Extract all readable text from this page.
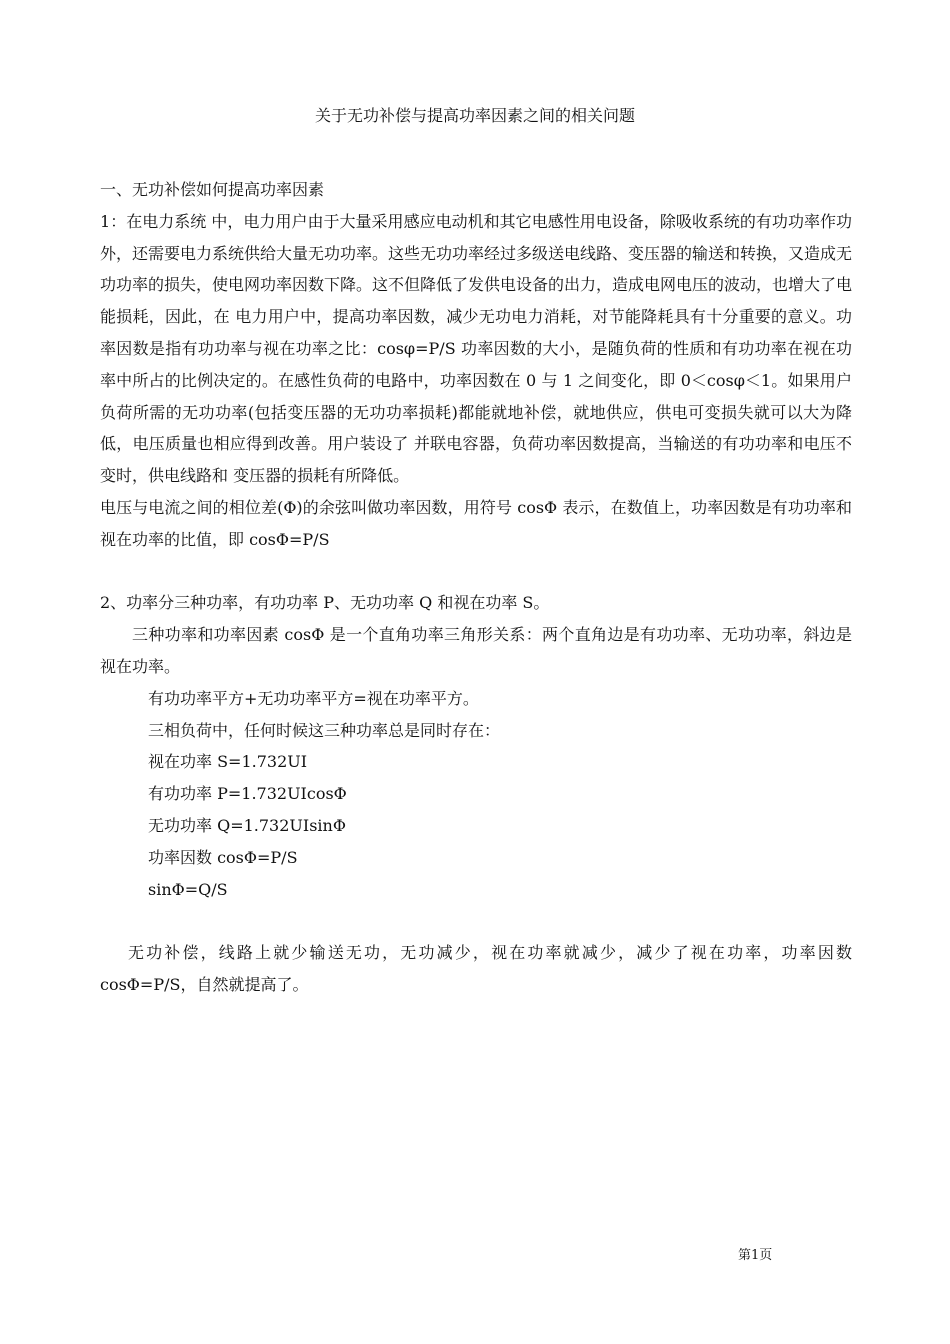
关于无功补偿与提高功率因素之间的相关问题

一、无功补偿如何提高功率因素

1：在电力系统 中，电力用户由于大量采用感应电动机和其它电感性用电设备，除吸收系统的有功功率作功外，还需要电力系统供给大量无功功率。这些无功功率经过多级送电线路、变压器的输送和转换，又造成无功功率的损失，使电网功率因数下降。这不但降低了发供电设备的出力，造成电网电压的波动，也增大了电能损耗，因此，在 电力用户中，提高功率因数，减少无功电力消耗，对节能降耗具有十分重要的意义。功率因数是指有功功率与视在功率之比：cosφ=P/S 功率因数的大小，是随负荷的性质和有功功率在视在功率中所占的比例决定的。在感性负荷的电路中，功率因数在 0 与 1 之间变化，即 0＜cosφ＜1。如果用户负荷所需的无功功率(包括变压器的无功功率损耗)都能就地补偿，就地供应，供电可变损失就可以大为降低，电压质量也相应得到改善。用户装设了 并联电容器，负荷功率因数提高，当输送的有功功率和电压不变时，供电线路和 变压器的损耗有所降低。

电压与电流之间的相位差(Φ)的余弦叫做功率因数，用符号 cosΦ 表示，在数值上，功率因数是有功功率和视在功率的比值，即 cosΦ=P/S

2、功率分三种功率，有功功率 P、无功功率 Q 和视在功率 S。

三种功率和功率因素 cosΦ 是一个直角功率三角形关系：两个直角边是有功功率、无功功率，斜边是视在功率。

有功功率平方+无功功率平方=视在功率平方。

三相负荷中，任何时候这三种功率总是同时存在：

视在功率 S=1.732UI

有功功率 P=1.732UIcosΦ

无功功率 Q=1.732UIsinΦ

功率因数 cosΦ=P/S

sinΦ=Q/S

无功补偿，线路上就少输送无功，无功减少，视在功率就减少，减少了视在功率，功率因数 cosΦ=P/S，自然就提高了。

第1页
